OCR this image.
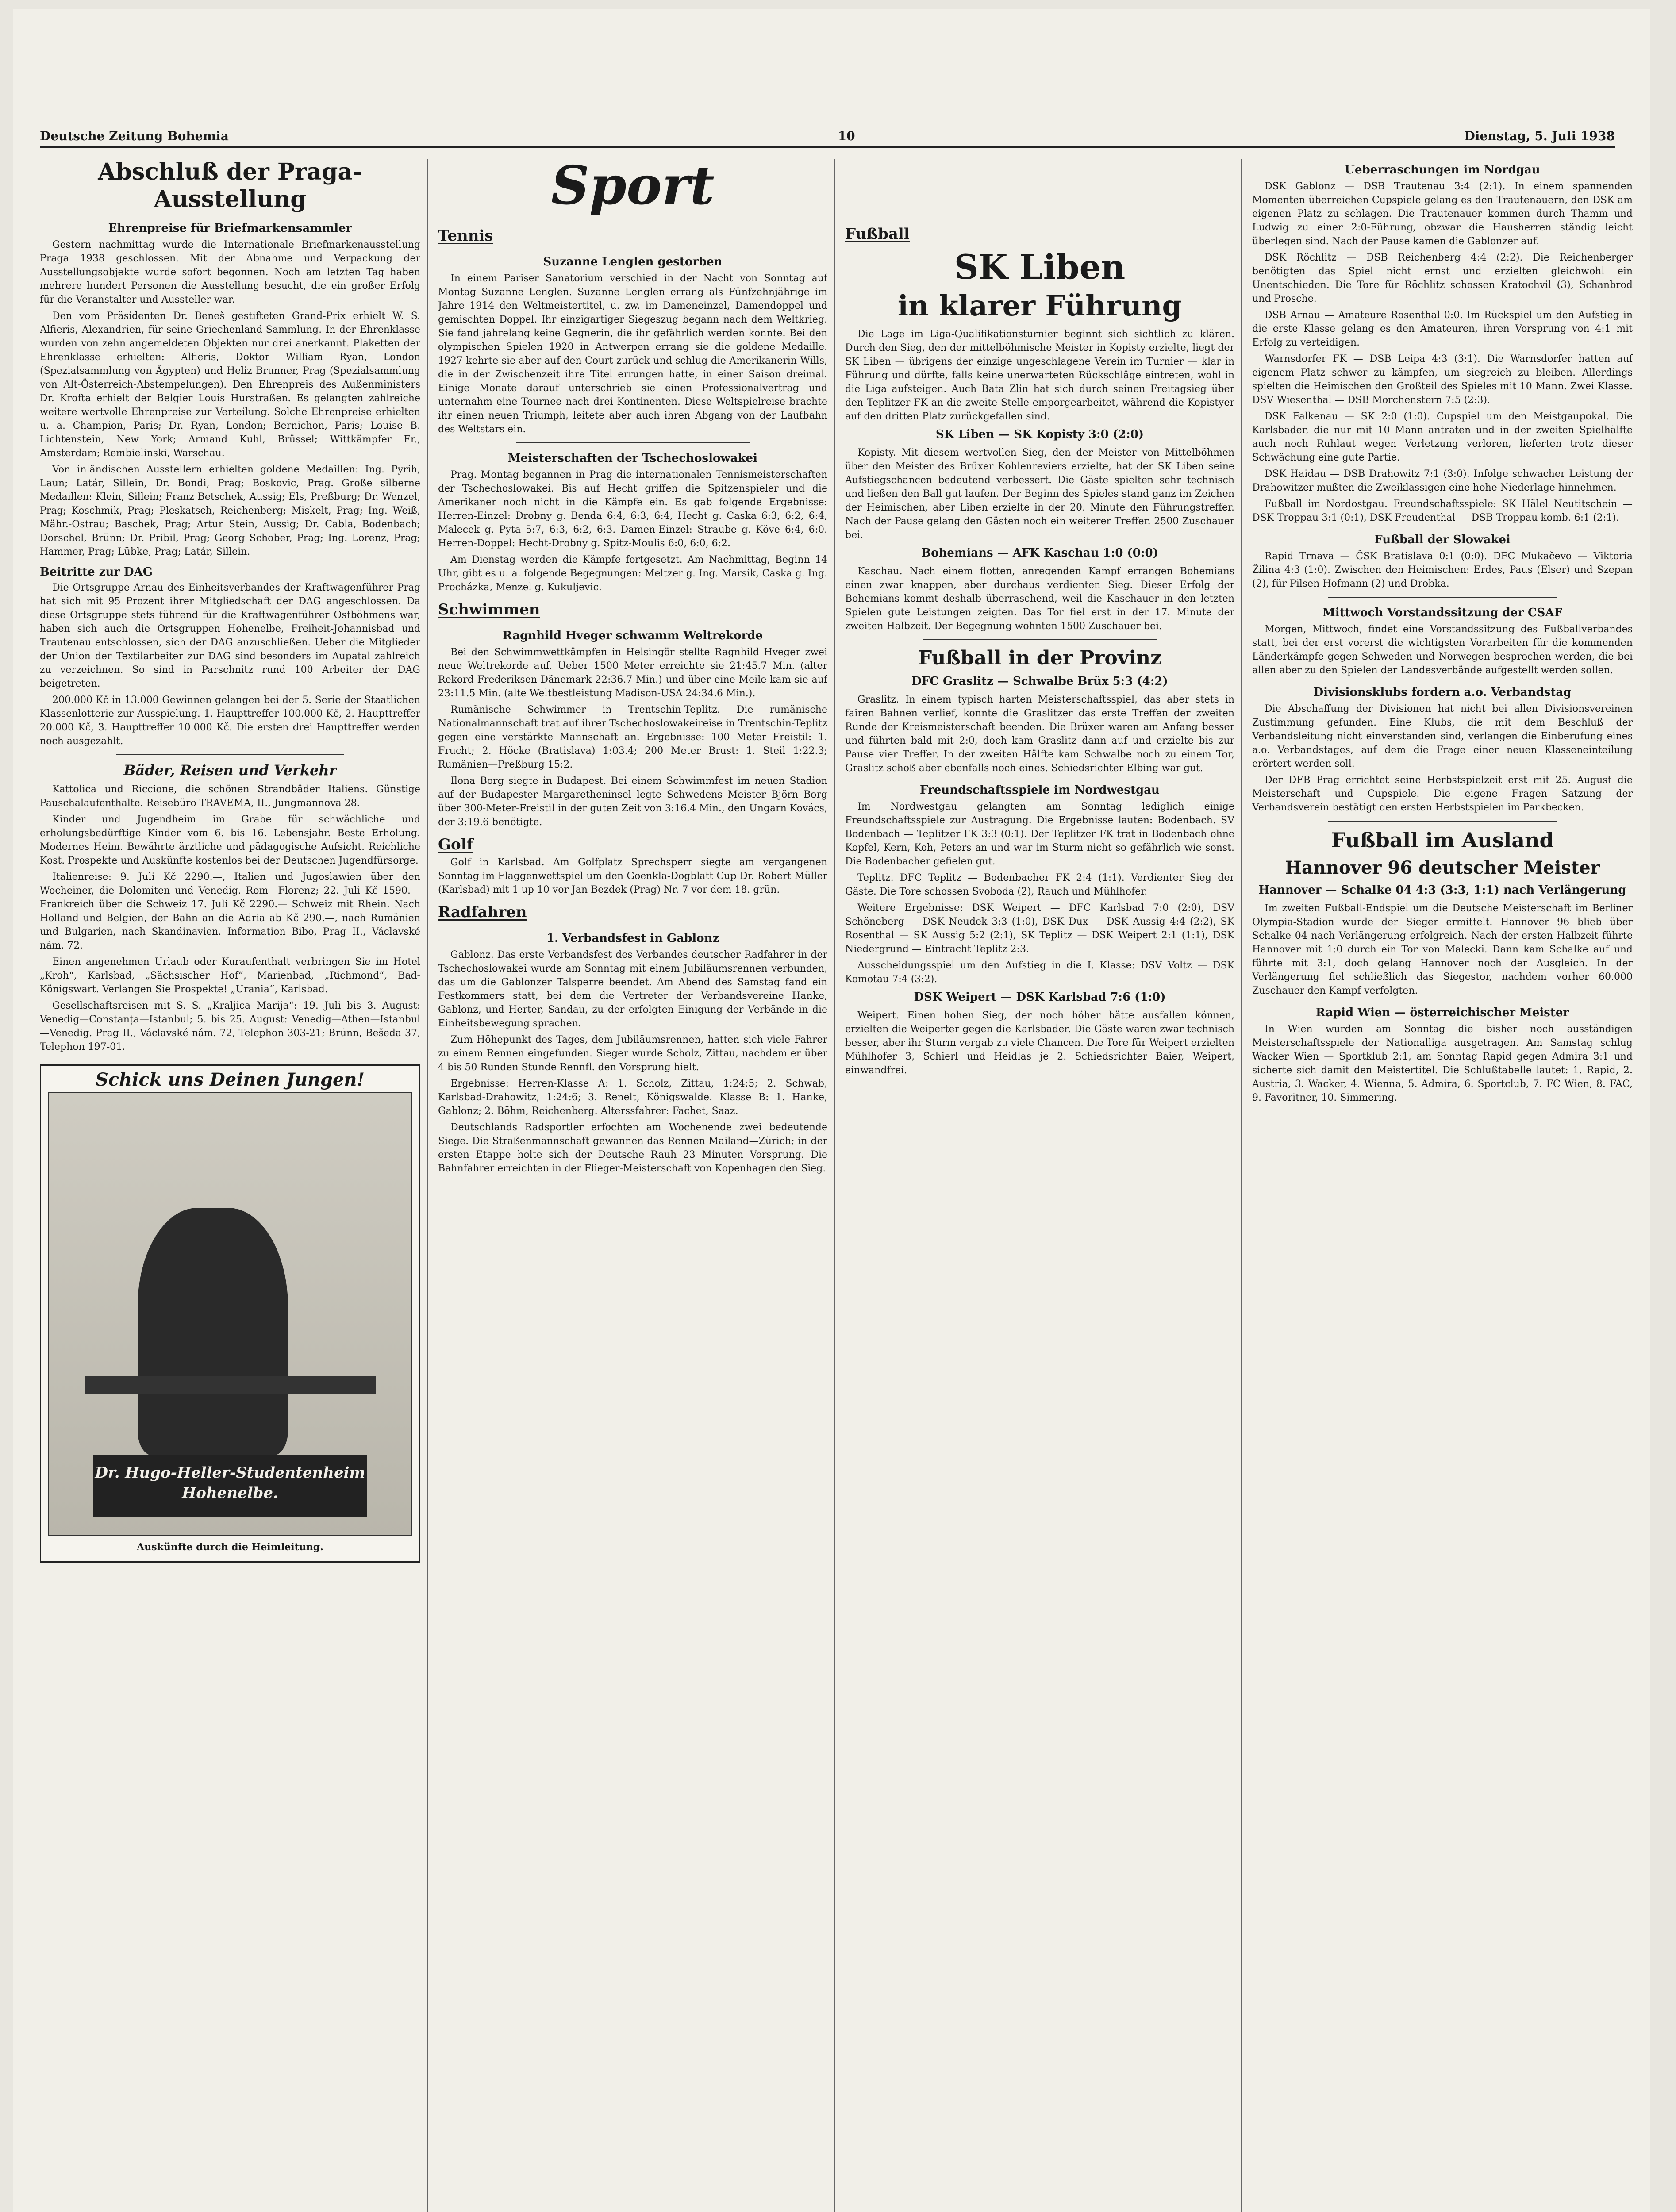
Deutsche Zeitung Bohemia	10	Dienstag, 5. Juli 1938
Abschluß der Praga-Ausstellung
Ehrenpreise für Briefmarkensammler

Gestern nachmittag wurde die Internationale Briefmarkenausstellung Praga 1938 geschlossen. Mit der Abnahme und Verpackung der Ausstellungsobjekte wurde sofort begonnen. Noch am letzten Tag haben mehrere hundert Personen die Ausstellung besucht, die ein großer Erfolg für die Veranstalter und Aussteller war.

Den vom Präsidenten Dr. Beneš gestifteten Grand-Prix erhielt W. S. Alfieris, Alexandrien, für seine Griechenland-Sammlung. In der Ehrenklasse wurden von zehn angemeldeten Objekten nur drei anerkannt. Plaketten der Ehrenklasse erhielten: Alfieris, Doktor William Ryan, London (Spezialsammlung von Ägypten) und Heliz Brunner, Prag (Spezialsammlung von Alt-Österreich-Abstempelungen). Den Ehrenpreis des Außenministers Dr. Krofta erhielt der Belgier Louis Hurstraßen. Es gelangten zahlreiche weitere wertvolle Ehrenpreise zur Verteilung. Solche Ehrenpreise erhielten u. a. Champion, Paris; Dr. Ryan, London; Bernichon, Paris; Louise B. Lichtenstein, New York; Armand Kuhl, Brüssel; Wittkämpfer Fr., Amsterdam; Rembielinski, Warschau.

Von inländischen Ausstellern erhielten goldene Medaillen: Ing. Pyrih, Laun; Latár, Sillein, Dr. Bondi, Prag; Boskovic, Prag. Große silberne Medaillen: Klein, Sillein; Franz Betschek, Aussig; Els, Preßburg; Dr. Wenzel, Prag; Koschmik, Prag; Pleskatsch, Reichenberg; Miskelt, Prag; Ing. Weiß, Mähr.-Ostrau; Baschek, Prag; Artur Stein, Aussig; Dr. Cabla, Bodenbach; Dorschel, Brünn; Dr. Pribil, Prag; Georg Schober, Prag; Ing. Lorenz, Prag; Hammer, Prag; Lübke, Prag; Latár, Sillein.

Beitritte zur DAG

Die Ortsgruppe Arnau des Einheitsverbandes der Kraftwagenführer Prag hat sich mit 95 Prozent ihrer Mitgliedschaft der DAG angeschlossen. Da diese Ortsgruppe stets führend für die Kraftwagenführer Ostböhmens war, haben sich auch die Ortsgruppen Hohenelbe, Freiheit-Johannisbad und Trautenau entschlossen, sich der DAG anzuschließen. Ueber die Mitglieder der Union der Textilarbeiter zur DAG sind besonders im Aupatal zahlreich zu verzeichnen. So sind in Parschnitz rund 100 Arbeiter der DAG beigetreten.

200.000 Kč in 13.000 Gewinnen gelangen bei der 5. Serie der Staatlichen Klassenlotterie zur Ausspielung. 1. Haupttreffer 100.000 Kč, 2. Haupttreffer 20.000 Kč, 3. Haupttreffer 10.000 Kč. Die ersten drei Haupttreffer werden noch ausgezahlt.

Bäder, Reisen und Verkehr

Kattolica und Riccione, die schönen Strandbäder Italiens. Günstige Pauschalaufenthalte. Reisebüro TRAVEMA, II., Jungmannova 28.

Kinder und Jugendheim im Grabe für schwächliche und erholungsbedürftige Kinder vom 6. bis 16. Lebensjahr. Beste Erholung. Modernes Heim. Bewährte ärztliche und pädagogische Aufsicht. Reichliche Kost. Prospekte und Auskünfte kostenlos bei der Deutschen Jugendfürsorge.

Italienreise: 9. Juli Kč 2290.—, Italien und Jugoslawien über den Wocheiner, die Dolomiten und Venedig. Rom—Florenz; 22. Juli Kč 1590.— Frankreich über die Schweiz 17. Juli Kč 2290.— Schweiz mit Rhein. Nach Holland und Belgien, der Bahn an die Adria ab Kč 290.—, nach Rumänien und Bulgarien, nach Skandinavien. Information Bibo, Prag II., Václavské nám. 72.

Einen angenehmen Urlaub oder Kuraufenthalt verbringen Sie im Hotel „Kroh“, Karlsbad, „Sächsischer Hof“, Marienbad, „Richmond“, Bad-Königswart. Verlangen Sie Prospekte! „Urania“, Karlsbad.

Gesellschaftsreisen mit S. S. „Kraljica Marija“: 19. Juli bis 3. August: Venedig—Constanța—Istanbul; 5. bis 25. August: Venedig—Athen—Istanbul—Venedig. Prag II., Václavské nám. 72, Telephon 303-21; Brünn, Bešeda 37, Telephon 197-01.

Schick uns Deinen Jungen!
Dr. Hugo-Heller-Studentenheim Hohenelbe.
Auskünfte durch die Heimleitung.
Sport
Tennis
Suzanne Lenglen gestorben

In einem Pariser Sanatorium verschied in der Nacht von Sonntag auf Montag Suzanne Lenglen. Suzanne Lenglen errang als Fünfzehnjährige im Jahre 1914 den Weltmeistertitel, u. zw. im Dameneinzel, Damendoppel und gemischten Doppel. Ihr einzigartiger Siegeszug begann nach dem Weltkrieg. Sie fand jahrelang keine Gegnerin, die ihr gefährlich werden konnte. Bei den olympischen Spielen 1920 in Antwerpen errang sie die goldene Medaille. 1927 kehrte sie aber auf den Court zurück und schlug die Amerikanerin Wills, die in der Zwischenzeit ihre Titel errungen hatte, in einer Saison dreimal. Einige Monate darauf unterschrieb sie einen Professionalvertrag und unternahm eine Tournee nach drei Kontinenten. Diese Weltspielreise brachte ihr einen neuen Triumph, leitete aber auch ihren Abgang von der Laufbahn des Weltstars ein.

Meisterschaften der Tschechoslowakei

Prag. Montag begannen in Prag die internationalen Tennismeisterschaften der Tschechoslowakei. Bis auf Hecht griffen die Spitzenspieler und die Amerikaner noch nicht in die Kämpfe ein. Es gab folgende Ergebnisse: Herren-Einzel: Drobny g. Benda 6:4, 6:3, 6:4, Hecht g. Caska 6:3, 6:2, 6:4, Malecek g. Pyta 5:7, 6:3, 6:2, 6:3. Damen-Einzel: Straube g. Köve 6:4, 6:0. Herren-Doppel: Hecht-Drobny g. Spitz-Moulis 6:0, 6:0, 6:2.

Am Dienstag werden die Kämpfe fortgesetzt. Am Nachmittag, Beginn 14 Uhr, gibt es u. a. folgende Begegnungen: Meltzer g. Ing. Marsik, Caska g. Ing. Procházka, Menzel g. Kukuljevic.

Schwimmen
Ragnhild Hveger schwamm Weltrekorde

Bei den Schwimmwettkämpfen in Helsingör stellte Ragnhild Hveger zwei neue Weltrekorde auf. Ueber 1500 Meter erreichte sie 21:45.7 Min. (alter Rekord Frederiksen-Dänemark 22:36.7 Min.) und über eine Meile kam sie auf 23:11.5 Min. (alte Weltbestleistung Madison-USA 24:34.6 Min.).

Rumänische Schwimmer in Trentschin-Teplitz. Die rumänische Nationalmannschaft trat auf ihrer Tschechoslowakeireise in Trentschin-Teplitz gegen eine verstärkte Mannschaft an. Ergebnisse: 100 Meter Freistil: 1. Frucht; 2. Höcke (Bratislava) 1:03.4; 200 Meter Brust: 1. Steil 1:22.3; Rumänien—Preßburg 15:2.

Ilona Borg siegte in Budapest. Bei einem Schwimmfest im neuen Stadion auf der Budapester Margaretheninsel legte Schwedens Meister Björn Borg über 300-Meter-Freistil in der guten Zeit von 3:16.4 Min., den Ungarn Kovács, der 3:19.6 benötigte.

Golf

Golf in Karlsbad. Am Golfplatz Sprechsperr siegte am vergangenen Sonntag im Flaggenwettspiel um den Goenkla-Dogblatt Cup Dr. Robert Müller (Karlsbad) mit 1 up 10 vor Jan Bezdek (Prag) Nr. 7 vor dem 18. grün.

Radfahren
1. Verbandsfest in Gablonz

Gablonz. Das erste Verbandsfest des Verbandes deutscher Radfahrer in der Tschechoslowakei wurde am Sonntag mit einem Jubiläumsrennen verbunden, das um die Gablonzer Talsperre beendet. Am Abend des Samstag fand ein Festkommers statt, bei dem die Vertreter der Verbandsvereine Hanke, Gablonz, und Herter, Sandau, zu der erfolgten Einigung der Verbände in die Einheitsbewegung sprachen.

Zum Höhepunkt des Tages, dem Jubiläumsrennen, hatten sich viele Fahrer zu einem Rennen eingefunden. Sieger wurde Scholz, Zittau, nachdem er über 4 bis 50 Runden Stunde Rennfl. den Vorsprung hielt.

Ergebnisse: Herren-Klasse A: 1. Scholz, Zittau, 1:24:5; 2. Schwab, Karlsbad-Drahowitz, 1:24:6; 3. Renelt, Königswalde. Klasse B: 1. Hanke, Gablonz; 2. Böhm, Reichenberg. Alterssfahrer: Fachet, Saaz.

Deutschlands Radsportler erfochten am Wochenende zwei bedeutende Siege. Die Straßenmannschaft gewannen das Rennen Mailand—Zürich; in der ersten Etappe holte sich der Deutsche Rauh 23 Minuten Vorsprung. Die Bahnfahrer erreichten in der Flieger-Meisterschaft von Kopenhagen den Sieg.

Fußball
SK Liben
in klarer Führung

Die Lage im Liga-Qualifikationsturnier beginnt sich sichtlich zu klären. Durch den Sieg, den der mittelböhmische Meister in Kopisty erzielte, liegt der SK Liben — übrigens der einzige ungeschlagene Verein im Turnier — klar in Führung und dürfte, falls keine unerwarteten Rückschläge eintreten, wohl in die Liga aufsteigen. Auch Bata Zlin hat sich durch seinen Freitagsieg über den Teplitzer FK an die zweite Stelle emporgearbeitet, während die Kopistyer auf den dritten Platz zurückgefallen sind.

SK Liben — SK Kopisty 3:0 (2:0)

Kopisty. Mit diesem wertvollen Sieg, den der Meister von Mittelböhmen über den Meister des Brüxer Kohlenreviers erzielte, hat der SK Liben seine Aufstiegschancen bedeutend verbessert. Die Gäste spielten sehr technisch und ließen den Ball gut laufen. Der Beginn des Spieles stand ganz im Zeichen der Heimischen, aber Liben erzielte in der 20. Minute den Führungstreffer. Nach der Pause gelang den Gästen noch ein weiterer Treffer. 2500 Zuschauer bei.

Bohemians — AFK Kaschau 1:0 (0:0)

Kaschau. Nach einem flotten, anregenden Kampf errangen Bohemians einen zwar knappen, aber durchaus verdienten Sieg. Dieser Erfolg der Bohemians kommt deshalb überraschend, weil die Kaschauer in den letzten Spielen gute Leistungen zeigten. Das Tor fiel erst in der 17. Minute der zweiten Halbzeit. Der Begegnung wohnten 1500 Zuschauer bei.

Fußball in der Provinz
DFC Graslitz — Schwalbe Brüx 5:3 (4:2)

Graslitz. In einem typisch harten Meisterschaftsspiel, das aber stets in fairen Bahnen verlief, konnte die Graslitzer das erste Treffen der zweiten Runde der Kreismeisterschaft beenden. Die Brüxer waren am Anfang besser und führten bald mit 2:0, doch kam Graslitz dann auf und erzielte bis zur Pause vier Treffer. In der zweiten Hälfte kam Schwalbe noch zu einem Tor, Graslitz schoß aber ebenfalls noch eines. Schiedsrichter Elbing war gut.

Freundschaftsspiele im Nordwestgau

Im Nordwestgau gelangten am Sonntag lediglich einige Freundschaftsspiele zur Austragung. Die Ergebnisse lauten: Bodenbach. SV Bodenbach — Teplitzer FK 3:3 (0:1). Der Teplitzer FK trat in Bodenbach ohne Kopfel, Kern, Koh, Peters an und war im Sturm nicht so gefährlich wie sonst. Die Bodenbacher gefielen gut.

Teplitz. DFC Teplitz — Bodenbacher FK 2:4 (1:1). Verdienter Sieg der Gäste. Die Tore schossen Svoboda (2), Rauch und Mühlhofer.

Weitere Ergebnisse: DSK Weipert — DFC Karlsbad 7:0 (2:0), DSV Schöneberg — DSK Neudek 3:3 (1:0), DSK Dux — DSK Aussig 4:4 (2:2), SK Rosenthal — SK Aussig 5:2 (2:1), SK Teplitz — DSK Weipert 2:1 (1:1), DSK Niedergrund — Eintracht Teplitz 2:3.

Ausscheidungsspiel um den Aufstieg in die I. Klasse: DSV Voltz — DSK Komotau 7:4 (3:2).

DSK Weipert — DSK Karlsbad 7:6 (1:0)

Weipert. Einen hohen Sieg, der noch höher hätte ausfallen können, erzielten die Weiperter gegen die Karlsbader. Die Gäste waren zwar technisch besser, aber ihr Sturm vergab zu viele Chancen. Die Tore für Weipert erzielten Mühlhofer 3, Schierl und Heidlas je 2. Schiedsrichter Baier, Weipert, einwandfrei.

Ueberraschungen im Nordgau

DSK Gablonz — DSB Trautenau 3:4 (2:1). In einem spannenden Momenten überreichen Cupspiele gelang es den Trautenauern, den DSK am eigenen Platz zu schlagen. Die Trautenauer kommen durch Thamm und Ludwig zu einer 2:0-Führung, obzwar die Hausherren ständig leicht überlegen sind. Nach der Pause kamen die Gablonzer auf.

DSK Röchlitz — DSB Reichenberg 4:4 (2:2). Die Reichenberger benötigten das Spiel nicht ernst und erzielten gleichwohl ein Unentschieden. Die Tore für Röchlitz schossen Kratochvil (3), Schanbrod und Prosche.

DSB Arnau — Amateure Rosenthal 0:0. Im Rückspiel um den Aufstieg in die erste Klasse gelang es den Amateuren, ihren Vorsprung von 4:1 mit Erfolg zu verteidigen.

Warnsdorfer FK — DSB Leipa 4:3 (3:1). Die Warnsdorfer hatten auf eigenem Platz schwer zu kämpfen, um siegreich zu bleiben. Allerdings spielten die Heimischen den Großteil des Spieles mit 10 Mann. Zwei Klasse. DSV Wiesenthal — DSB Morchenstern 7:5 (2:3).

DSK Falkenau — SK 2:0 (1:0). Cupspiel um den Meistgaupokal. Die Karlsbader, die nur mit 10 Mann antraten und in der zweiten Spielhälfte auch noch Ruhlaut wegen Verletzung verloren, lieferten trotz dieser Schwächung eine gute Partie.

DSK Haidau — DSB Drahowitz 7:1 (3:0). Infolge schwacher Leistung der Drahowitzer mußten die Zweiklassigen eine hohe Niederlage hinnehmen.

Fußball im Nordostgau. Freundschaftsspiele: SK Hälel Neutitschein — DSK Troppau 3:1 (0:1), DSK Freudenthal — DSB Troppau komb. 6:1 (2:1).

Fußball der Slowakei

Rapid Trnava — ČSK Bratislava 0:1 (0:0). DFC Mukačevo — Viktoria Žilina 4:3 (1:0). Zwischen den Heimischen: Erdes, Paus (Elser) und Szepan (2), für Pilsen Hofmann (2) und Drobka.

Mittwoch Vorstandssitzung der CSAF

Morgen, Mittwoch, findet eine Vorstandssitzung des Fußballverbandes statt, bei der erst vorerst die wichtigsten Vorarbeiten für die kommenden Länderkämpfe gegen Schweden und Norwegen besprochen werden, die bei allen aber zu den Spielen der Landesverbände aufgestellt werden sollen.

Divisionsklubs fordern a.o. Verbandstag

Die Abschaffung der Divisionen hat nicht bei allen Divisionsvereinen Zustimmung gefunden. Eine Klubs, die mit dem Beschluß der Verbandsleitung nicht einverstanden sind, verlangen die Einberufung eines a.o. Verbandstages, auf dem die Frage einer neuen Klasseneinteilung erörtert werden soll.

Der DFB Prag errichtet seine Herbstspielzeit erst mit 25. August die Meisterschaft und Cupspiele. Die eigene Fragen Satzung der Verbandsverein bestätigt den ersten Herbstspielen im Parkbecken.

Fußball im Ausland
Hannover 96 deutscher Meister
Hannover — Schalke 04 4:3 (3:3, 1:1) nach Verlängerung

Im zweiten Fußball-Endspiel um die Deutsche Meisterschaft im Berliner Olympia-Stadion wurde der Sieger ermittelt. Hannover 96 blieb über Schalke 04 nach Verlängerung erfolgreich. Nach der ersten Halbzeit führte Hannover mit 1:0 durch ein Tor von Malecki. Dann kam Schalke auf und führte mit 3:1, doch gelang Hannover noch der Ausgleich. In der Verlängerung fiel schließlich das Siegestor, nachdem vorher 60.000 Zuschauer den Kampf verfolgten.

Rapid Wien — österreichischer Meister

In Wien wurden am Sonntag die bisher noch ausständigen Meisterschaftsspiele der Nationalliga ausgetragen. Am Samstag schlug Wacker Wien — Sportklub 2:1, am Sonntag Rapid gegen Admira 3:1 und sicherte sich damit den Meistertitel. Die Schlußtabelle lautet: 1. Rapid, 2. Austria, 3. Wacker, 4. Wienna, 5. Admira, 6. Sportclub, 7. FC Wien, 8. FAC, 9. Favoritner, 10. Simmering.
